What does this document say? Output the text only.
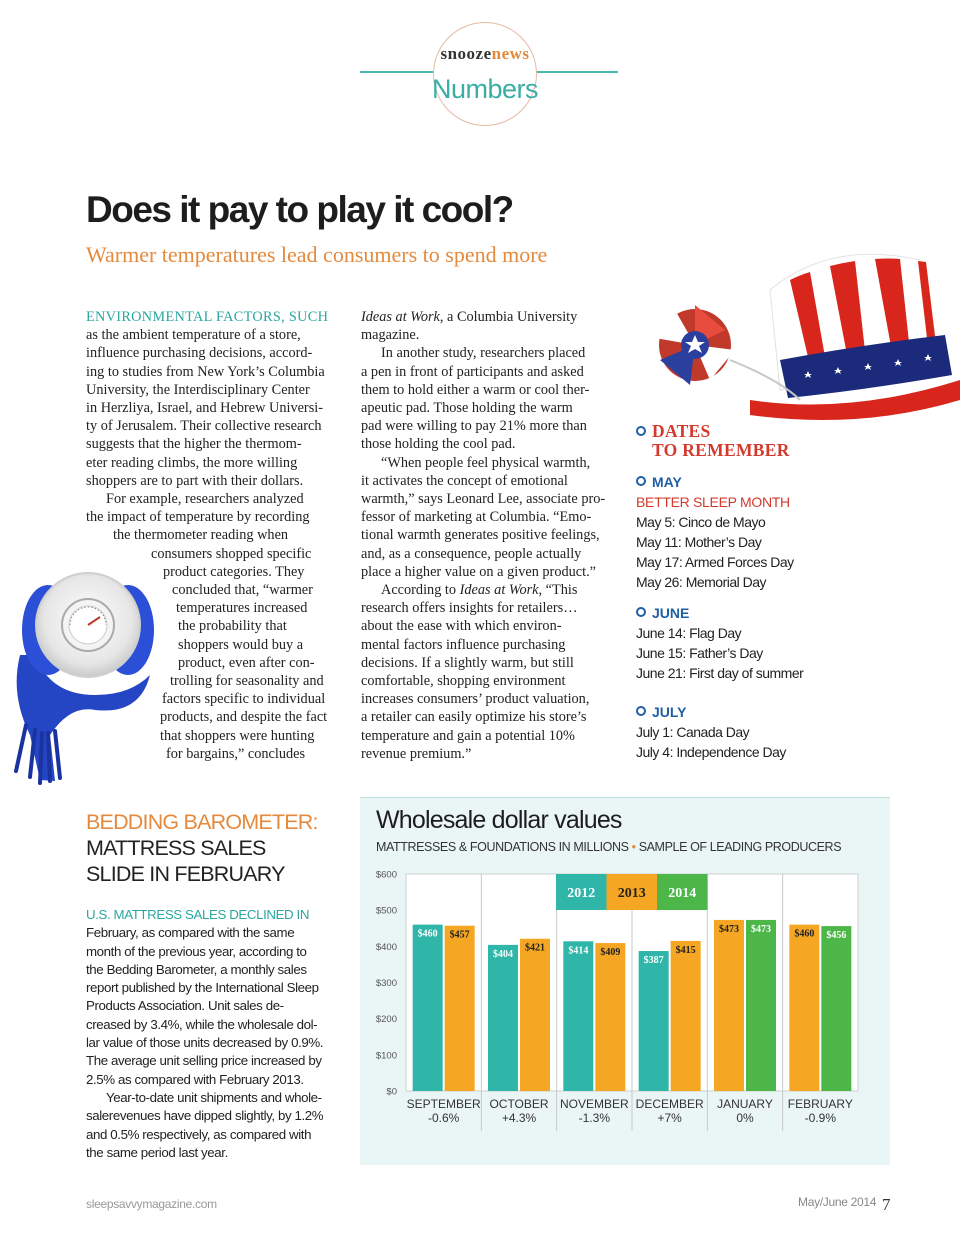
snoozenews
Numbers
Does it pay to play it cool?
Warmer temperatures lead consumers to spend more
ENVIRONMENTAL FACTORS, SUCH
as the ambient temperature of a store,
influence purchasing decisions, accord-
ing to studies from New York’s Columbia
University, the Interdisciplinary Center
in Herzliya, Israel, and Hebrew Universi-
ty of Jerusalem. Their collective research
suggests that the higher the thermom-
eter reading climbs, the more willing
shoppers are to part with their dollars.
For example, researchers analyzed
the impact of temperature by recording
the thermometer reading when
consumers shopped specific
product categories. They
concluded that, “warmer
temperatures increased
the probability that
shoppers would buy a
product, even after con-
trolling for seasonality and
factors specific to individual
products, and despite the fact
that shoppers were hunting
for bargains,” concludes
Ideas at Work, a Columbia University
magazine.
In another study, researchers placed
a pen in front of participants and asked
them to hold either a warm or cool ther-
apeutic pad. Those holding the warm
pad were willing to pay 21% more than
those holding the cool pad.
“When people feel physical warmth,
it activates the concept of emotional
warmth,” says Leonard Lee, associate pro-
fessor of marketing at Columbia. “Emo-
tional warmth generates positive feelings,
and, as a consequence, people actually
place a higher value on a given product.”
According to Ideas at Work, “This
research offers insights for retailers…
about the ease with which environ-
mental factors influence purchasing
decisions. If a slightly warm, but still
comfortable, shopping environment
increases consumers’ product valuation,
a retailer can easily optimize his store’s
temperature and gain a potential 10%
revenue premium.”
DATES
TO REMEMBER
MAY
BETTER SLEEP MONTH
May 5: Cinco de Mayo
May 11: Mother’s Day
May 17: Armed Forces Day
May 26: Memorial Day
JUNE
June 14: Flag Day
June 15: Father’s Day
June 21: First day of summer
JULY
July 1: Canada Day
July 4: Independence Day
BEDDING BAROMETER:
MATTRESS SALES
SLIDE IN FEBRUARY
U.S. MATTRESS SALES DECLINED IN
February, as compared with the same
month of the previous year, according to
the Bedding Barometer, a monthly sales
report published by the International Sleep
Products Association. Unit sales de-
creased by 3.4%, while the wholesale dol-
lar value of those units decreased by 0.9%.
The average unit selling price increased by
2.5% as compared with February 2013.
Year-to-date unit shipments and whole-
salerevenues have dipped slightly, by 1.2%
and 0.5% respectively, as compared with
the same period last year.
Wholesale dollar values
MATTRESSES & FOUNDATIONS IN MILLIONS • SAMPLE OF LEADING PRODUCERS
$0
$100
$200
$300
$400
$500
$600
2012 2013 2014
$460 $457
SEPTEMBER
-0.6%
$404
$421
OCTOBER
+4.3%
$414 $409
NOVEMBER
-1.3%
$387
$415
DECEMBER
+7%
$473 $473
JANUARY
0%
$460 $456
FEBRUARY
-0.9%
sleepsavvymagazine.com	May/June 2014 7
